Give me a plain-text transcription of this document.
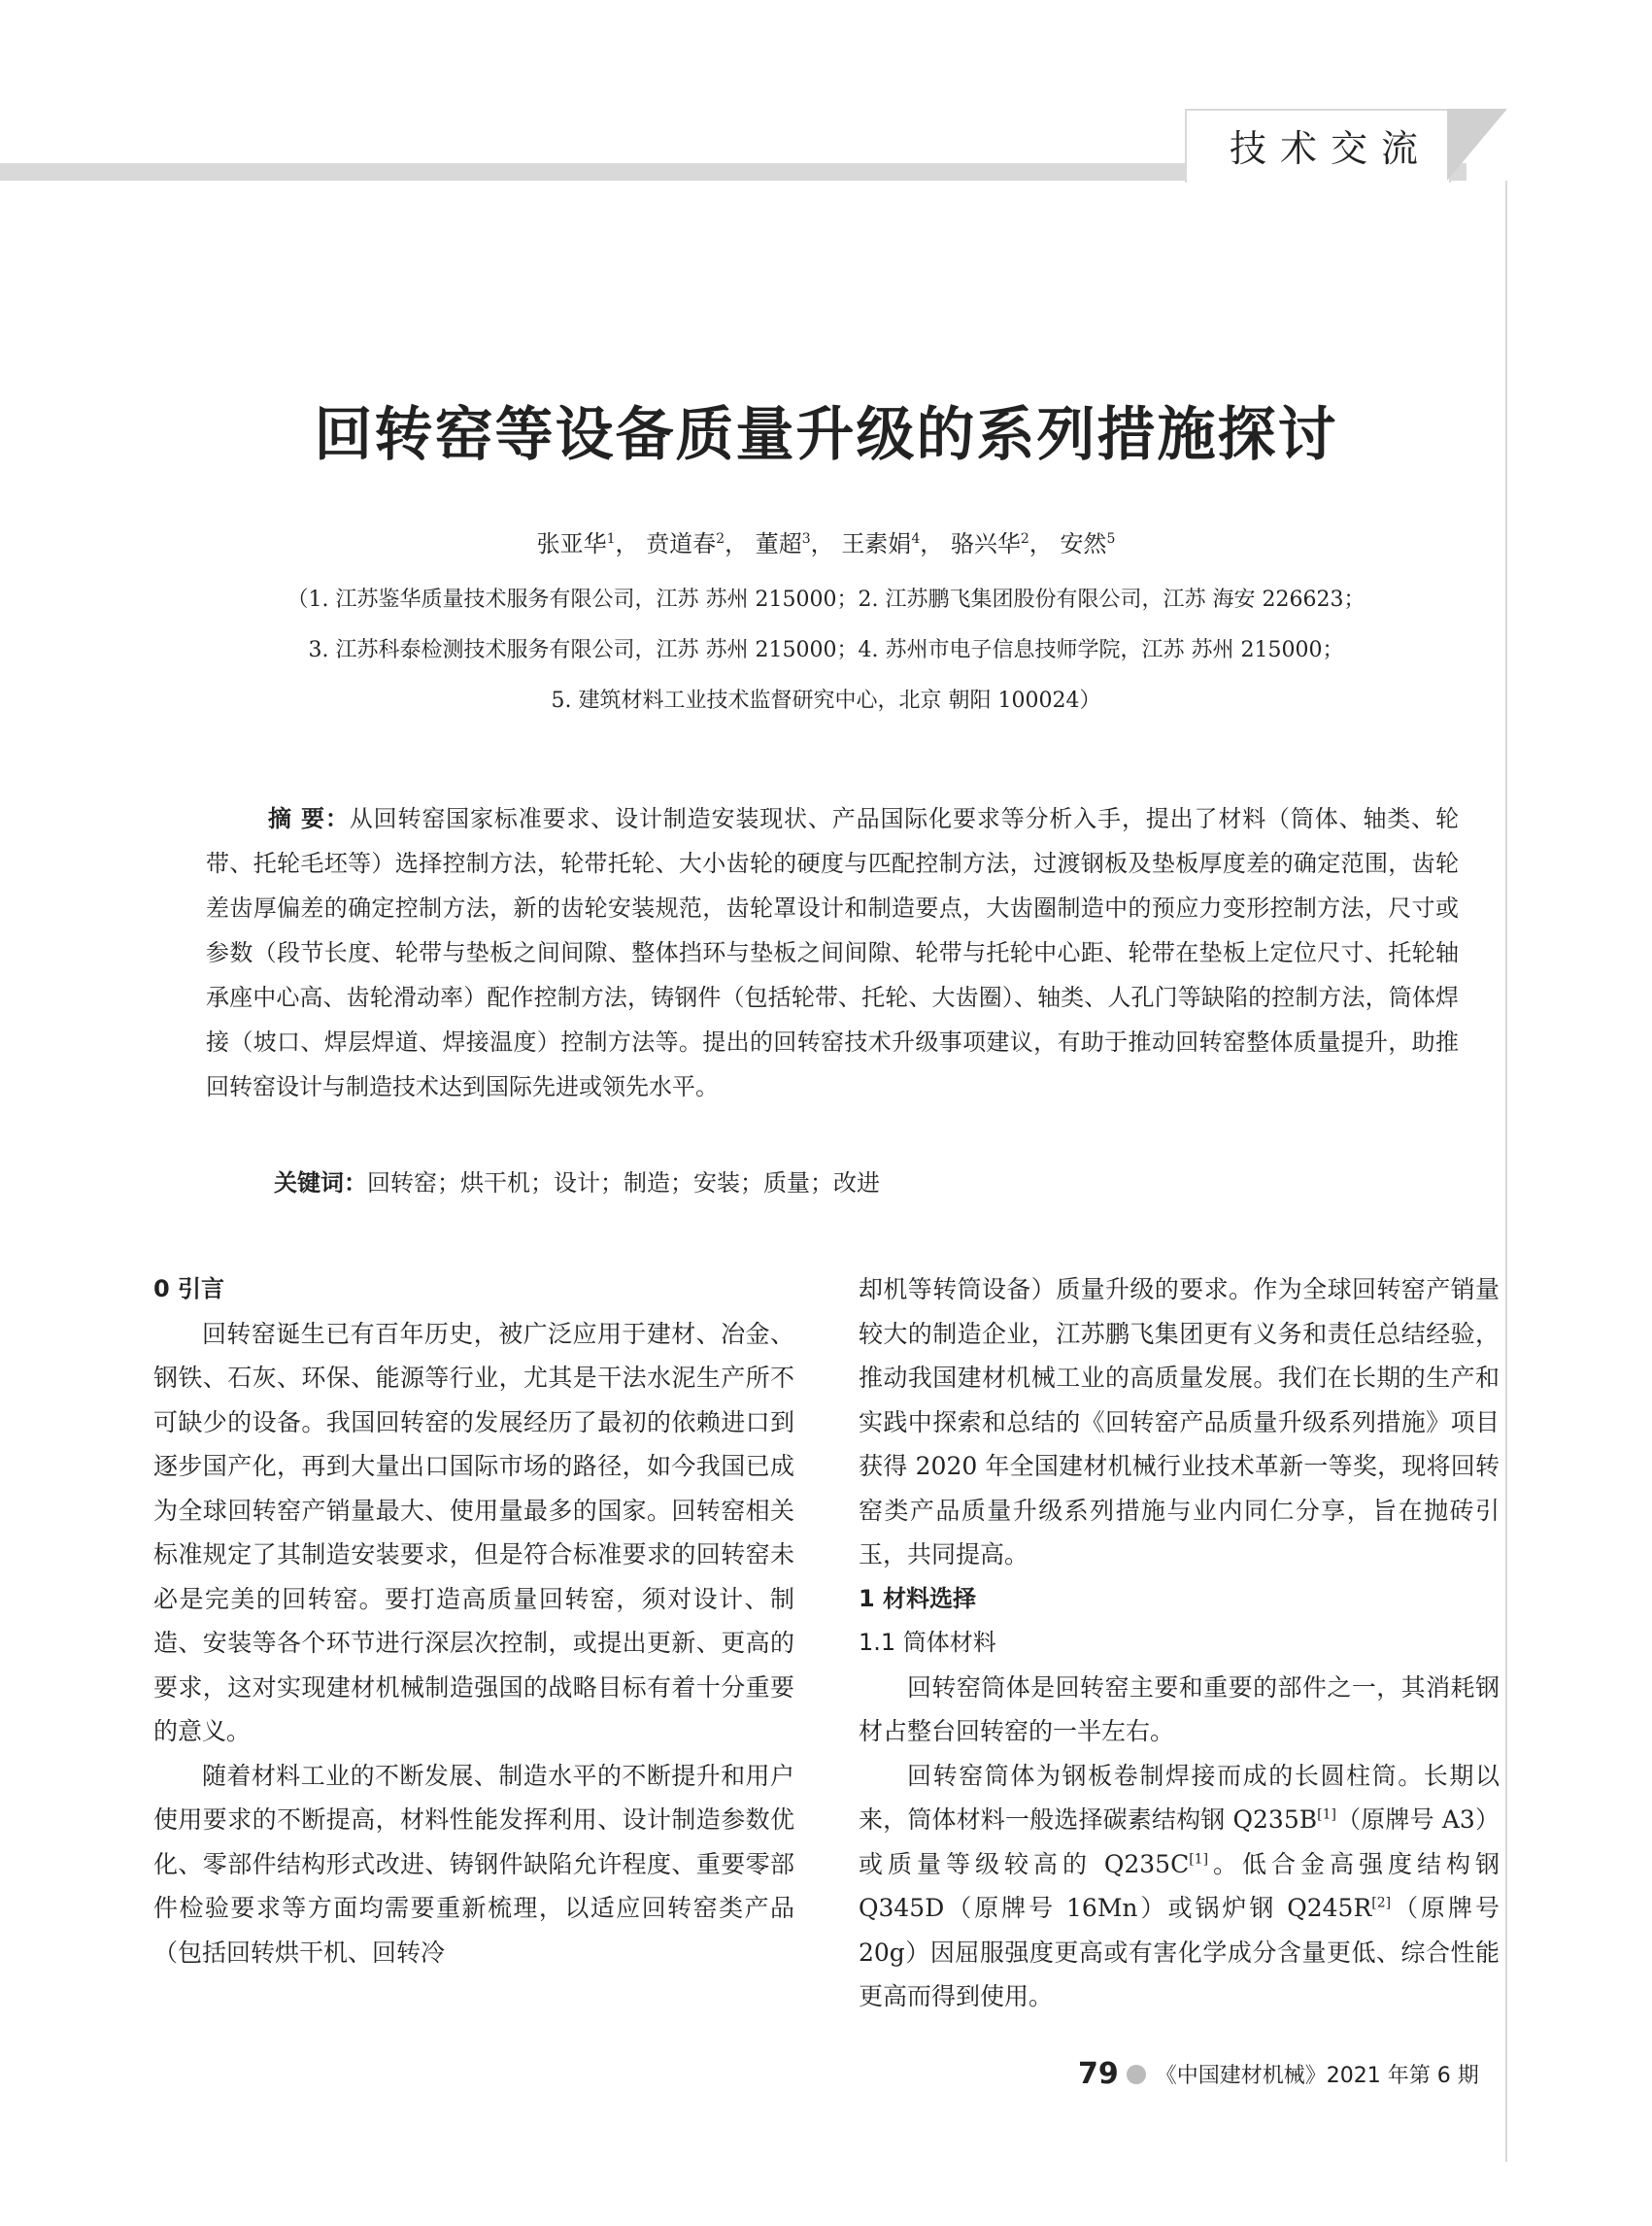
技术交流
回转窑等设备质量升级的系列措施探讨
张亚华$^1$， 贲道春$^2$， 董超$^3$， 王素娟$^4$， 骆兴华$^2$， 安然$^5$
（1. 江苏鉴华质量技术服务有限公司，江苏 苏州 215000；2. 江苏鹏飞集团股份有限公司，江苏 海安 226623；
3. 江苏科泰检测技术服务有限公司，江苏 苏州 215000；4. 苏州市电子信息技师学院，江苏 苏州 215000；
5. 建筑材料工业技术监督研究中心，北京 朝阳 100024）
摘 要：从回转窑国家标准要求、设计制造安装现状、产品国际化要求等分析入手，提出了材料（筒体、轴类、轮带、托轮毛坯等）选择控制方法，轮带托轮、大小齿轮的硬度与匹配控制方法，过渡钢板及垫板厚度差的确定范围，齿轮差齿厚偏差的确定控制方法，新的齿轮安装规范，齿轮罩设计和制造要点，大齿圈制造中的预应力变形控制方法，尺寸或参数（段节长度、轮带与垫板之间间隙、整体挡环与垫板之间间隙、轮带与托轮中心距、轮带在垫板上定位尺寸、托轮轴承座中心高、齿轮滑动率）配作控制方法，铸钢件（包括轮带、托轮、大齿圈）、轴类、人孔门等缺陷的控制方法，筒体焊接（坡口、焊层焊道、焊接温度）控制方法等。提出的回转窑技术升级事项建议，有助于推动回转窑整体质量提升，助推回转窑设计与制造技术达到国际先进或领先水平。
关键词：回转窑；烘干机；设计；制造；安装；质量；改进
0 引言

回转窑诞生已有百年历史，被广泛应用于建材、冶金、钢铁、石灰、环保、能源等行业，尤其是干法水泥生产所不可缺少的设备。我国回转窑的发展经历了最初的依赖进口到逐步国产化，再到大量出口国际市场的路径，如今我国已成为全球回转窑产销量最大、使用量最多的国家。回转窑相关标准规定了其制造安装要求，但是符合标准要求的回转窑未必是完美的回转窑。要打造高质量回转窑，须对设计、制造、安装等各个环节进行深层次控制，或提出更新、更高的要求，这对实现建材机械制造强国的战略目标有着十分重要的意义。

随着材料工业的不断发展、制造水平的不断提升和用户使用要求的不断提高，材料性能发挥利用、设计制造参数优化、零部件结构形式改进、铸钢件缺陷允许程度、重要零部件检验要求等方面均需要重新梳理，以适应回转窑类产品（包括回转烘干机、回转冷

却机等转筒设备）质量升级的要求。作为全球回转窑产销量较大的制造企业，江苏鹏飞集团更有义务和责任总结经验，推动我国建材机械工业的高质量发展。我们在长期的生产和实践中探索和总结的《回转窑产品质量升级系列措施》项目获得 2020 年全国建材机械行业技术革新一等奖，现将回转窑类产品质量升级系列措施与业内同仁分享，旨在抛砖引玉，共同提高。

1 材料选择
1.1 筒体材料

回转窑筒体是回转窑主要和重要的部件之一，其消耗钢材占整台回转窑的一半左右。

回转窑筒体为钢板卷制焊接而成的长圆柱筒。长期以来，筒体材料一般选择碳素结构钢 Q235B[1]（原牌号 A3）或质量等级较高的 Q235C[1]。低合金高强度结构钢 Q345D（原牌号 16Mn）或锅炉钢 Q245R[2]（原牌号 20g）因屈服强度更高或有害化学成分含量更低、综合性能更高而得到使用。

79 《中国建材机械》2021 年第 6 期
